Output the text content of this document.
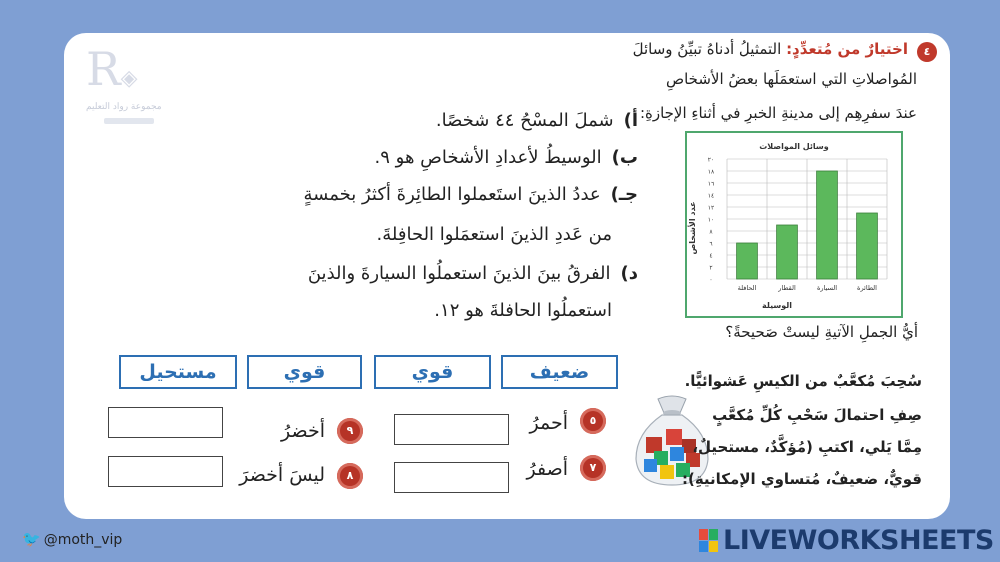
R◈
مجموعة رواد التعليم
٤
اختيارٌ من مُتعدِّدٍ: التمثيلُ أدناهُ تبيِّنُ وسائلَ
المُواصلاتِ التي استعمَلَها بعضُ الأشخاصِ
عندَ سفرِهِم إلى مدينةِ الخبرِ في أثناءِ الإجازةِ:
أ)شملَ المسْحُ ٤٤ شخصًا.
ب)الوسيطُ لأعدادِ الأشخاصِ هو ٩.
جـ)عددُ الذينَ استَعملوا الطائِرةَ أكثرُ بخمسةٍ
من عَددِ الذينَ استعمَلوا الحافِلةَ.
د)الفرقُ بينَ الذينَ استعملُوا السيارةَ والذينَ
استعملُوا الحافلةَ هو ١٢.
وسائل المواصلات
الوسيلة
عدد الأشخاص
٠
٢
٤
٦
٨
١٠
١٢
١٤
١٦
١٨
٢٠
الحافلة	القطار	السيارة	الطائرة
أيُّ الجملِ الآتيةِ ليستْ صَحيحةً؟
مستحيل	قوي	قوي	ضعيف	سُحِبَ مُكعَّبٌ من الكيسِ عَشوائيًّا.
صِفِ احتمالَ سَحْبِ كُلِّ مُكعَّبٍ
مِمَّا يَلي، اكتبِ (مُؤكَّدٌ، مستحيلٌ،
قويٌّ، ضعيفٌ، مُتساوي الإمكانيةِ):
٥
أحمرُ
٧
أصفرُ
٩
أخضرُ
٨
ليسَ أخضرَ
🐦 @moth_vip	LIVEWORKSHEETS
